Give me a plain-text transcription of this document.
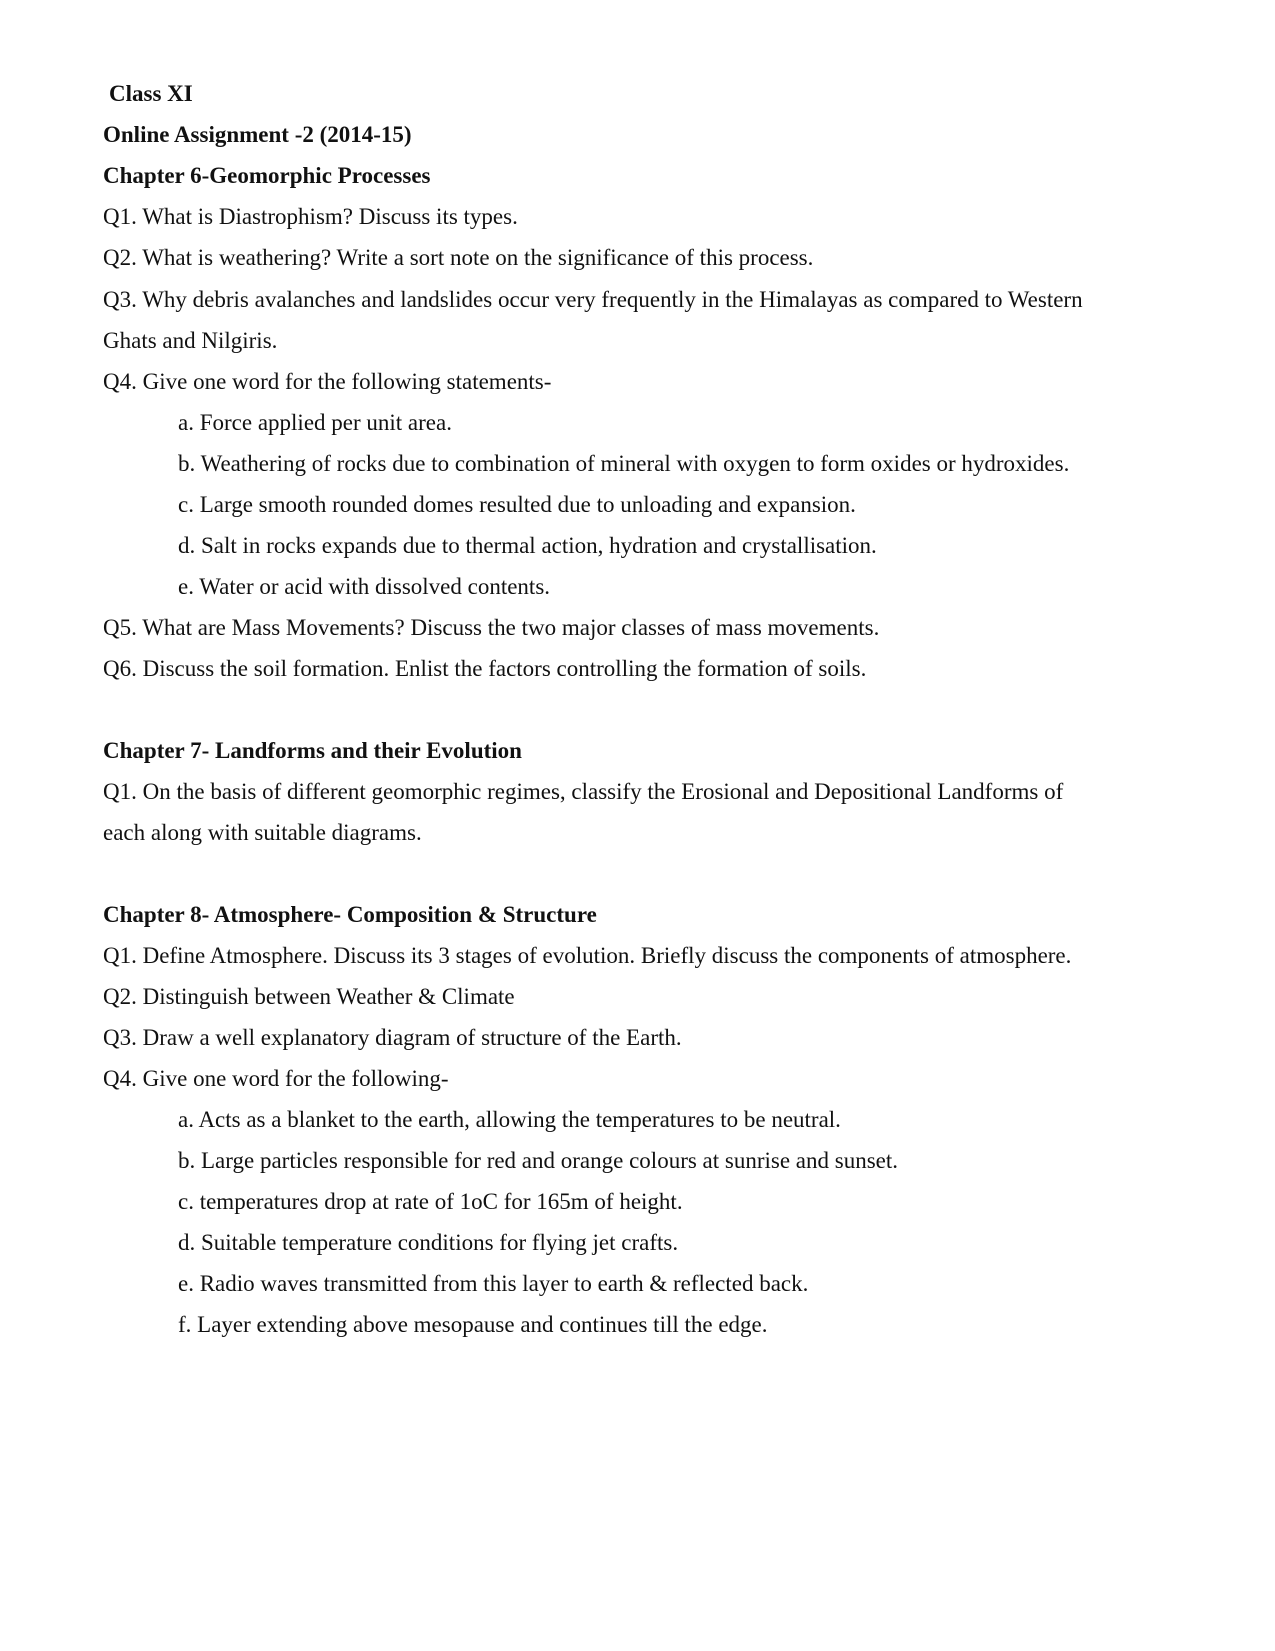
Class XI
Online Assignment -2 (2014-15)
Chapter 6-Geomorphic Processes
Q1. What is Diastrophism? Discuss its types.
Q2. What is weathering? Write a sort note on the significance of this process.
Q3. Why debris avalanches and landslides occur very frequently in the Himalayas as compared to Western
Ghats and Nilgiris.
Q4. Give one word for the following statements-
a. Force applied per unit area.
b. Weathering of rocks due to combination of mineral with oxygen to form oxides or hydroxides.
c. Large smooth rounded domes resulted due to unloading and expansion.
d. Salt in rocks expands due to thermal action, hydration and crystallisation.
e. Water or acid with dissolved contents.
Q5. What are Mass Movements? Discuss the two major classes of mass movements.
Q6. Discuss the soil formation. Enlist the factors controlling the formation of soils.
Chapter 7- Landforms and their Evolution
Q1. On the basis of different geomorphic regimes, classify the Erosional and Depositional Landforms of
each along with suitable diagrams.
Chapter 8- Atmosphere- Composition & Structure
Q1. Define Atmosphere. Discuss its 3 stages of evolution. Briefly discuss the components of atmosphere.
Q2. Distinguish between Weather & Climate
Q3. Draw a well explanatory diagram of structure of the Earth.
Q4. Give one word for the following-
a. Acts as a blanket to the earth, allowing the temperatures to be neutral.
b. Large particles responsible for red and orange colours at sunrise and sunset.
c. temperatures drop at rate of 1oC for 165m of height.
d. Suitable temperature conditions for flying jet crafts.
e. Radio waves transmitted from this layer to earth & reflected back.
f. Layer extending above mesopause and continues till the edge.
